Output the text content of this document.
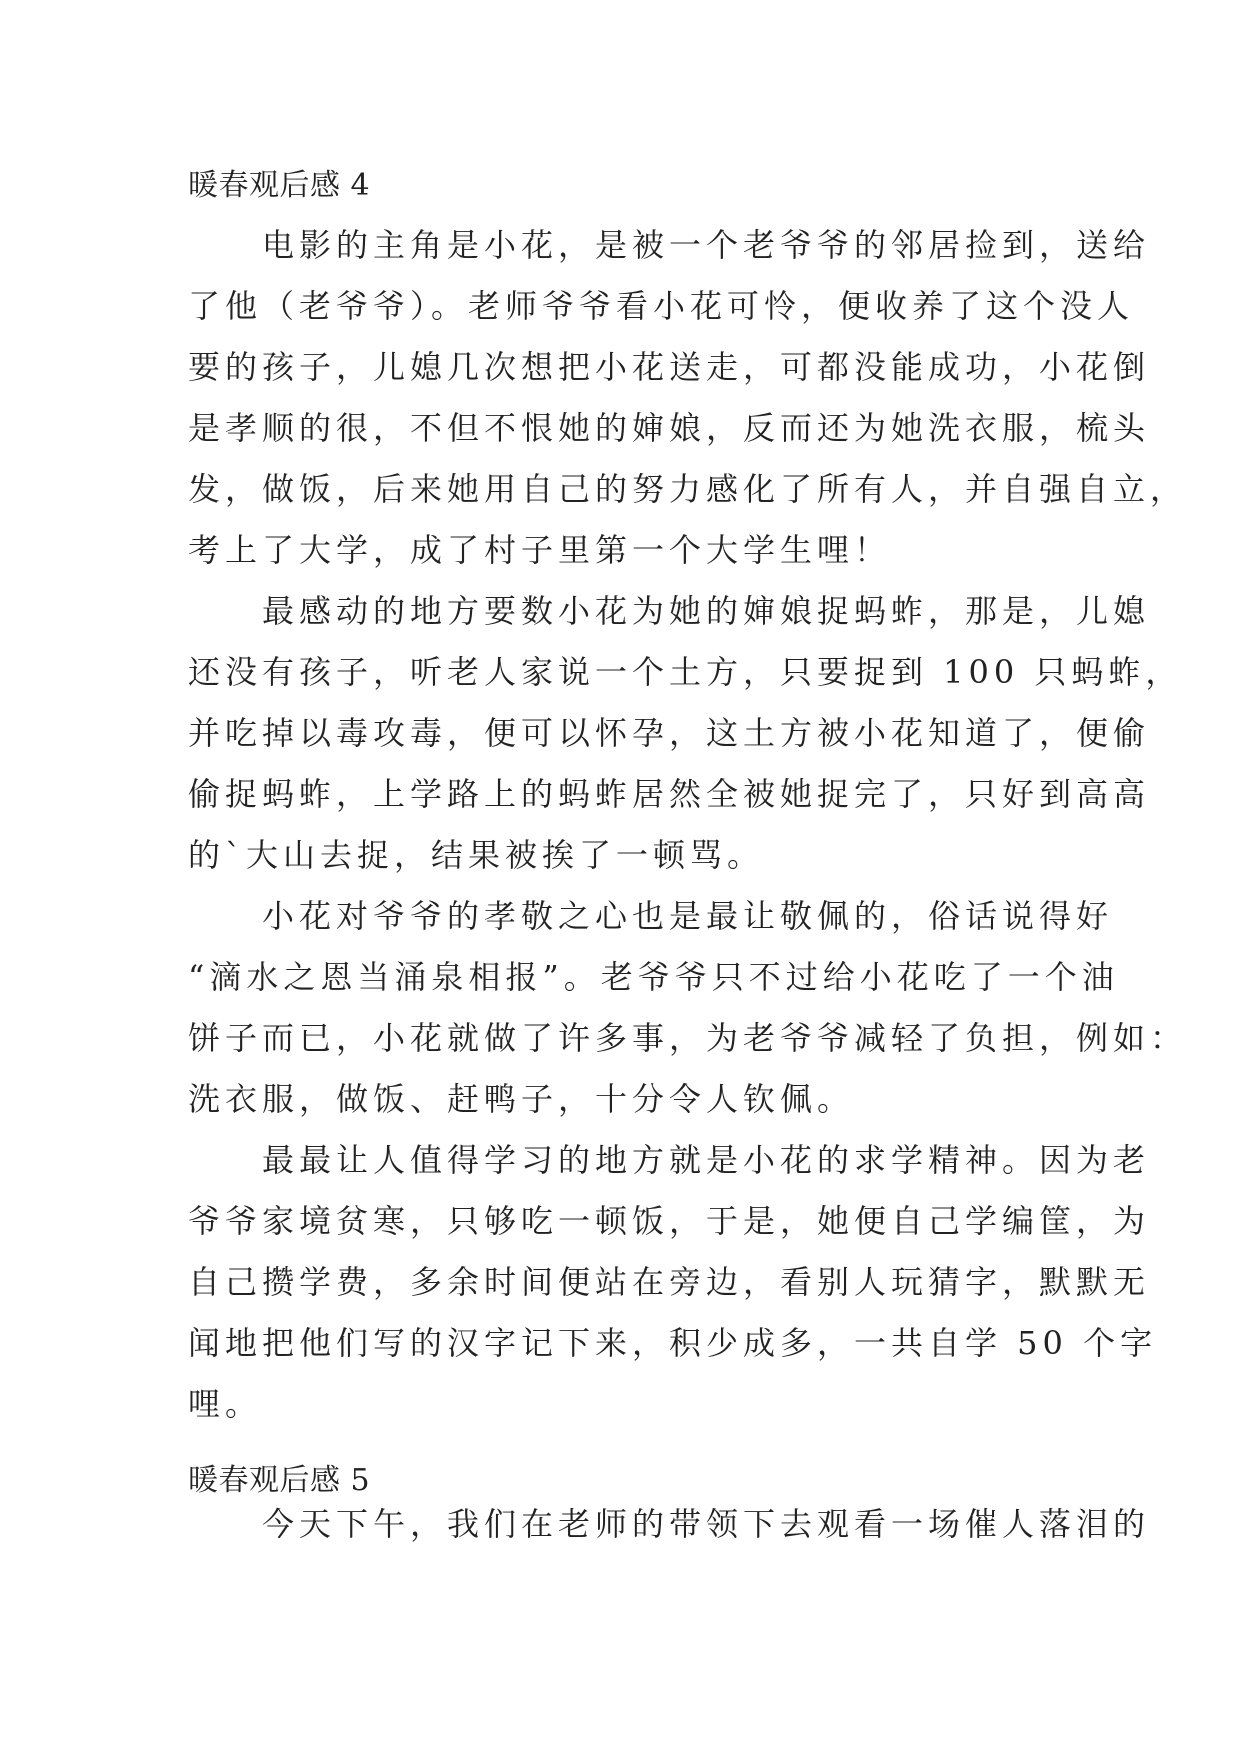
暖春观后感 4

　　电影的主角是小花，是被一个老爷爷的邻居捡到，送给

了他（老爷爷）。老师爷爷看小花可怜，便收养了这个没人

要的孩子，儿媳几次想把小花送走，可都没能成功，小花倒

是孝顺的很，不但不恨她的婶娘，反而还为她洗衣服，梳头

发，做饭，后来她用自己的努力感化了所有人，并自强自立，

考上了大学，成了村子里第一个大学生哩！

　　最感动的地方要数小花为她的婶娘捉蚂蚱，那是，儿媳

还没有孩子，听老人家说一个土方，只要捉到 100 只蚂蚱，

并吃掉以毒攻毒，便可以怀孕，这土方被小花知道了，便偷

偷捉蚂蚱，上学路上的蚂蚱居然全被她捉完了，只好到高高

的`大山去捉，结果被挨了一顿骂。

　　小花对爷爷的孝敬之心也是最让敬佩的，俗话说得好

“滴水之恩当涌泉相报”。老爷爷只不过给小花吃了一个油

饼子而已，小花就做了许多事，为老爷爷减轻了负担，例如：

洗衣服，做饭、赶鸭子，十分令人钦佩。

　　最最让人值得学习的地方就是小花的求学精神。因为老

爷爷家境贫寒，只够吃一顿饭，于是，她便自己学编筐，为

自己攒学费，多余时间便站在旁边，看别人玩猜字，默默无

闻地把他们写的汉字记下来，积少成多，一共自学 50 个字

哩。

暖春观后感 5

　　今天下午，我们在老师的带领下去观看一场催人落泪的
